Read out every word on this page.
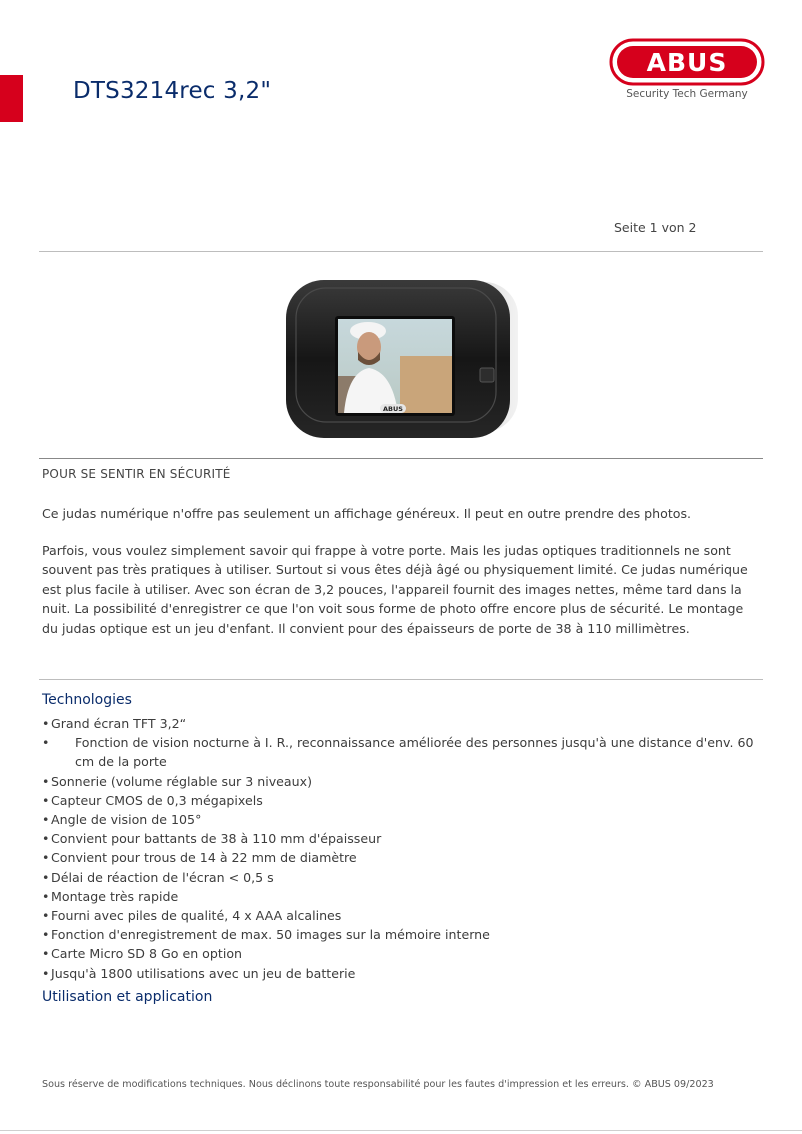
DTS3214rec 3,2"
ABUS
Security Tech Germany
Seite 1 von 2
ABUS
POUR SE SENTIR EN SÉCURITÉ

Ce judas numérique n'offre pas seulement un affichage généreux. Il peut en outre prendre des photos.

Parfois, vous voulez simplement savoir qui frappe à votre porte. Mais les judas optiques traditionnels ne sont souvent pas très pratiques à utiliser. Surtout si vous êtes déjà âgé ou physiquement limité. Ce judas numérique est plus facile à utiliser. Avec son écran de 3,2 pouces, l'appareil fournit des images nettes, même tard dans la nuit. La possibilité d'enregistrer ce que l'on voit sous forme de photo offre encore plus de sécurité. Le montage du judas optique est un jeu d'enfant. Il convient pour des épaisseurs de porte de 38 à 110 millimètres.

Technologies
• Grand écran TFT 3,2“
• Fonction de vision nocturne à I. R., reconnaissance améliorée des personnes jusqu'à une distance d'env. 60 cm de la porte
• Sonnerie (volume réglable sur 3 niveaux)
• Capteur CMOS de 0,3 mégapixels
• Angle de vision de 105°
• Convient pour battants de 38 à 110 mm d'épaisseur
• Convient pour trous de 14 à 22 mm de diamètre
• Délai de réaction de l'écran < 0,5 s
• Montage très rapide
• Fourni avec piles de qualité, 4 x AAA alcalines
• Fonction d'enregistrement de max. 50 images sur la mémoire interne
• Carte Micro SD 8 Go en option
• Jusqu'à 1800 utilisations avec un jeu de batterie
Utilisation et application
Sous réserve de modifications techniques. Nous déclinons toute responsabilité pour les fautes d'impression et les erreurs. © ABUS 09/2023
